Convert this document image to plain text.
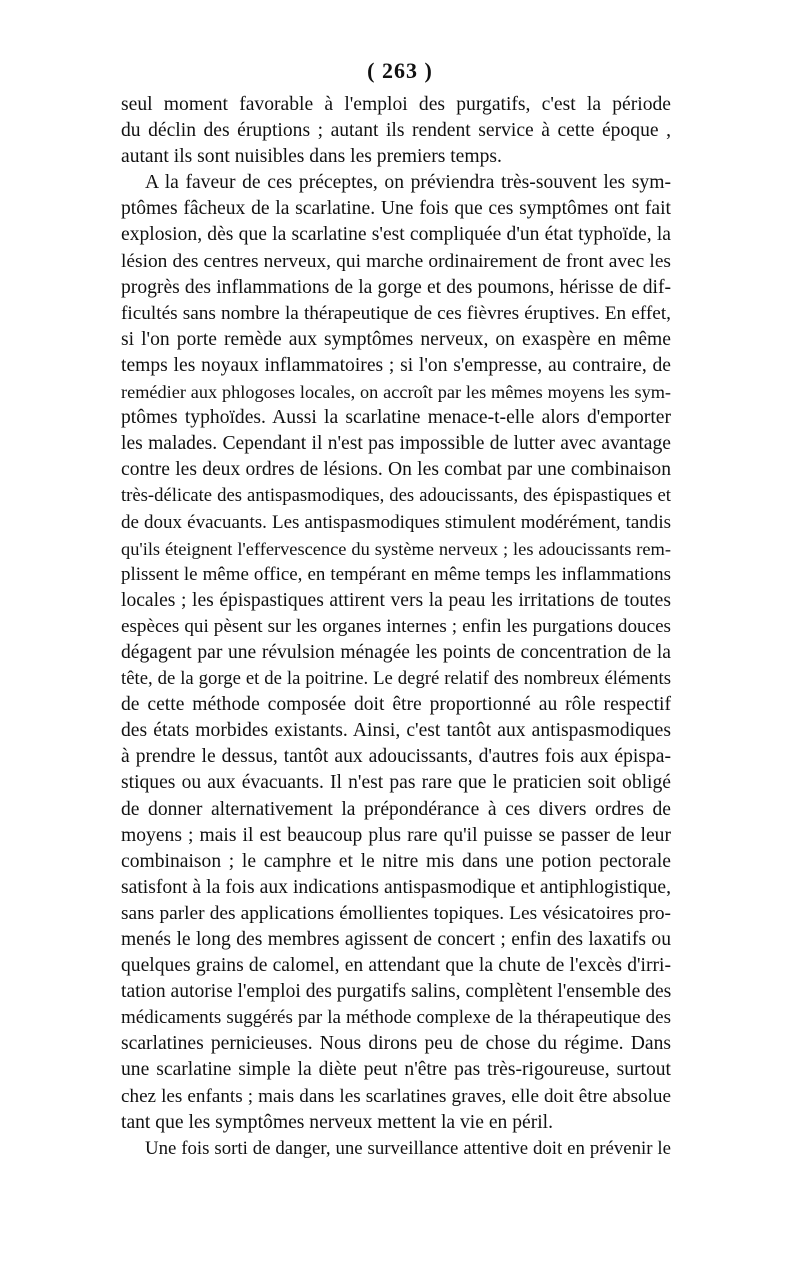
( 263 )

seul moment favorable à l'emploi des purgatifs, c'est la période
du déclin des éruptions ; autant ils rendent service à cette époque ,
autant ils sont nuisibles dans les premiers temps.

A la faveur de ces préceptes, on préviendra très-souvent les sym-
ptômes fâcheux de la scarlatine. Une fois que ces symptômes ont fait
explosion, dès que la scarlatine s'est compliquée d'un état typhoïde, la
lésion des centres nerveux, qui marche ordinairement de front avec les
progrès des inflammations de la gorge et des poumons, hérisse de dif-
ficultés sans nombre la thérapeutique de ces fièvres éruptives. En effet,
si l'on porte remède aux symptômes nerveux, on exaspère en même
temps les noyaux inflammatoires ; si l'on s'empresse, au contraire, de
remédier aux phlogoses locales, on accroît par les mêmes moyens les sym-
ptômes typhoïdes. Aussi la scarlatine menace-t-elle alors d'emporter
les malades. Cependant il n'est pas impossible de lutter avec avantage
contre les deux ordres de lésions. On les combat par une combinaison
très-délicate des antispasmodiques, des adoucissants, des épispastiques et
de doux évacuants. Les antispasmodiques stimulent modérément, tandis
qu'ils éteignent l'effervescence du système nerveux ; les adoucissants rem-
plissent le même office, en tempérant en même temps les inflammations
locales ; les épispastiques attirent vers la peau les irritations de toutes
espèces qui pèsent sur les organes internes ; enfin les purgations douces
dégagent par une révulsion ménagée les points de concentration de la
tête, de la gorge et de la poitrine. Le degré relatif des nombreux éléments
de cette méthode composée doit être proportionné au rôle respectif
des états morbides existants. Ainsi, c'est tantôt aux antispasmodiques
à prendre le dessus, tantôt aux adoucissants, d'autres fois aux épispa-
stiques ou aux évacuants. Il n'est pas rare que le praticien soit obligé
de donner alternativement la prépondérance à ces divers ordres de
moyens ; mais il est beaucoup plus rare qu'il puisse se passer de leur
combinaison ; le camphre et le nitre mis dans une potion pectorale
satisfont à la fois aux indications antispasmodique et antiphlogistique,
sans parler des applications émollientes topiques. Les vésicatoires pro-
menés le long des membres agissent de concert ; enfin des laxatifs ou
quelques grains de calomel, en attendant que la chute de l'excès d'irri-
tation autorise l'emploi des purgatifs salins, complètent l'ensemble des
médicaments suggérés par la méthode complexe de la thérapeutique des
scarlatines pernicieuses. Nous dirons peu de chose du régime. Dans
une scarlatine simple la diète peut n'être pas très-rigoureuse, surtout
chez les enfants ; mais dans les scarlatines graves, elle doit être absolue
tant que les symptômes nerveux mettent la vie en péril.

Une fois sorti de danger, une surveillance attentive doit en prévenir le
